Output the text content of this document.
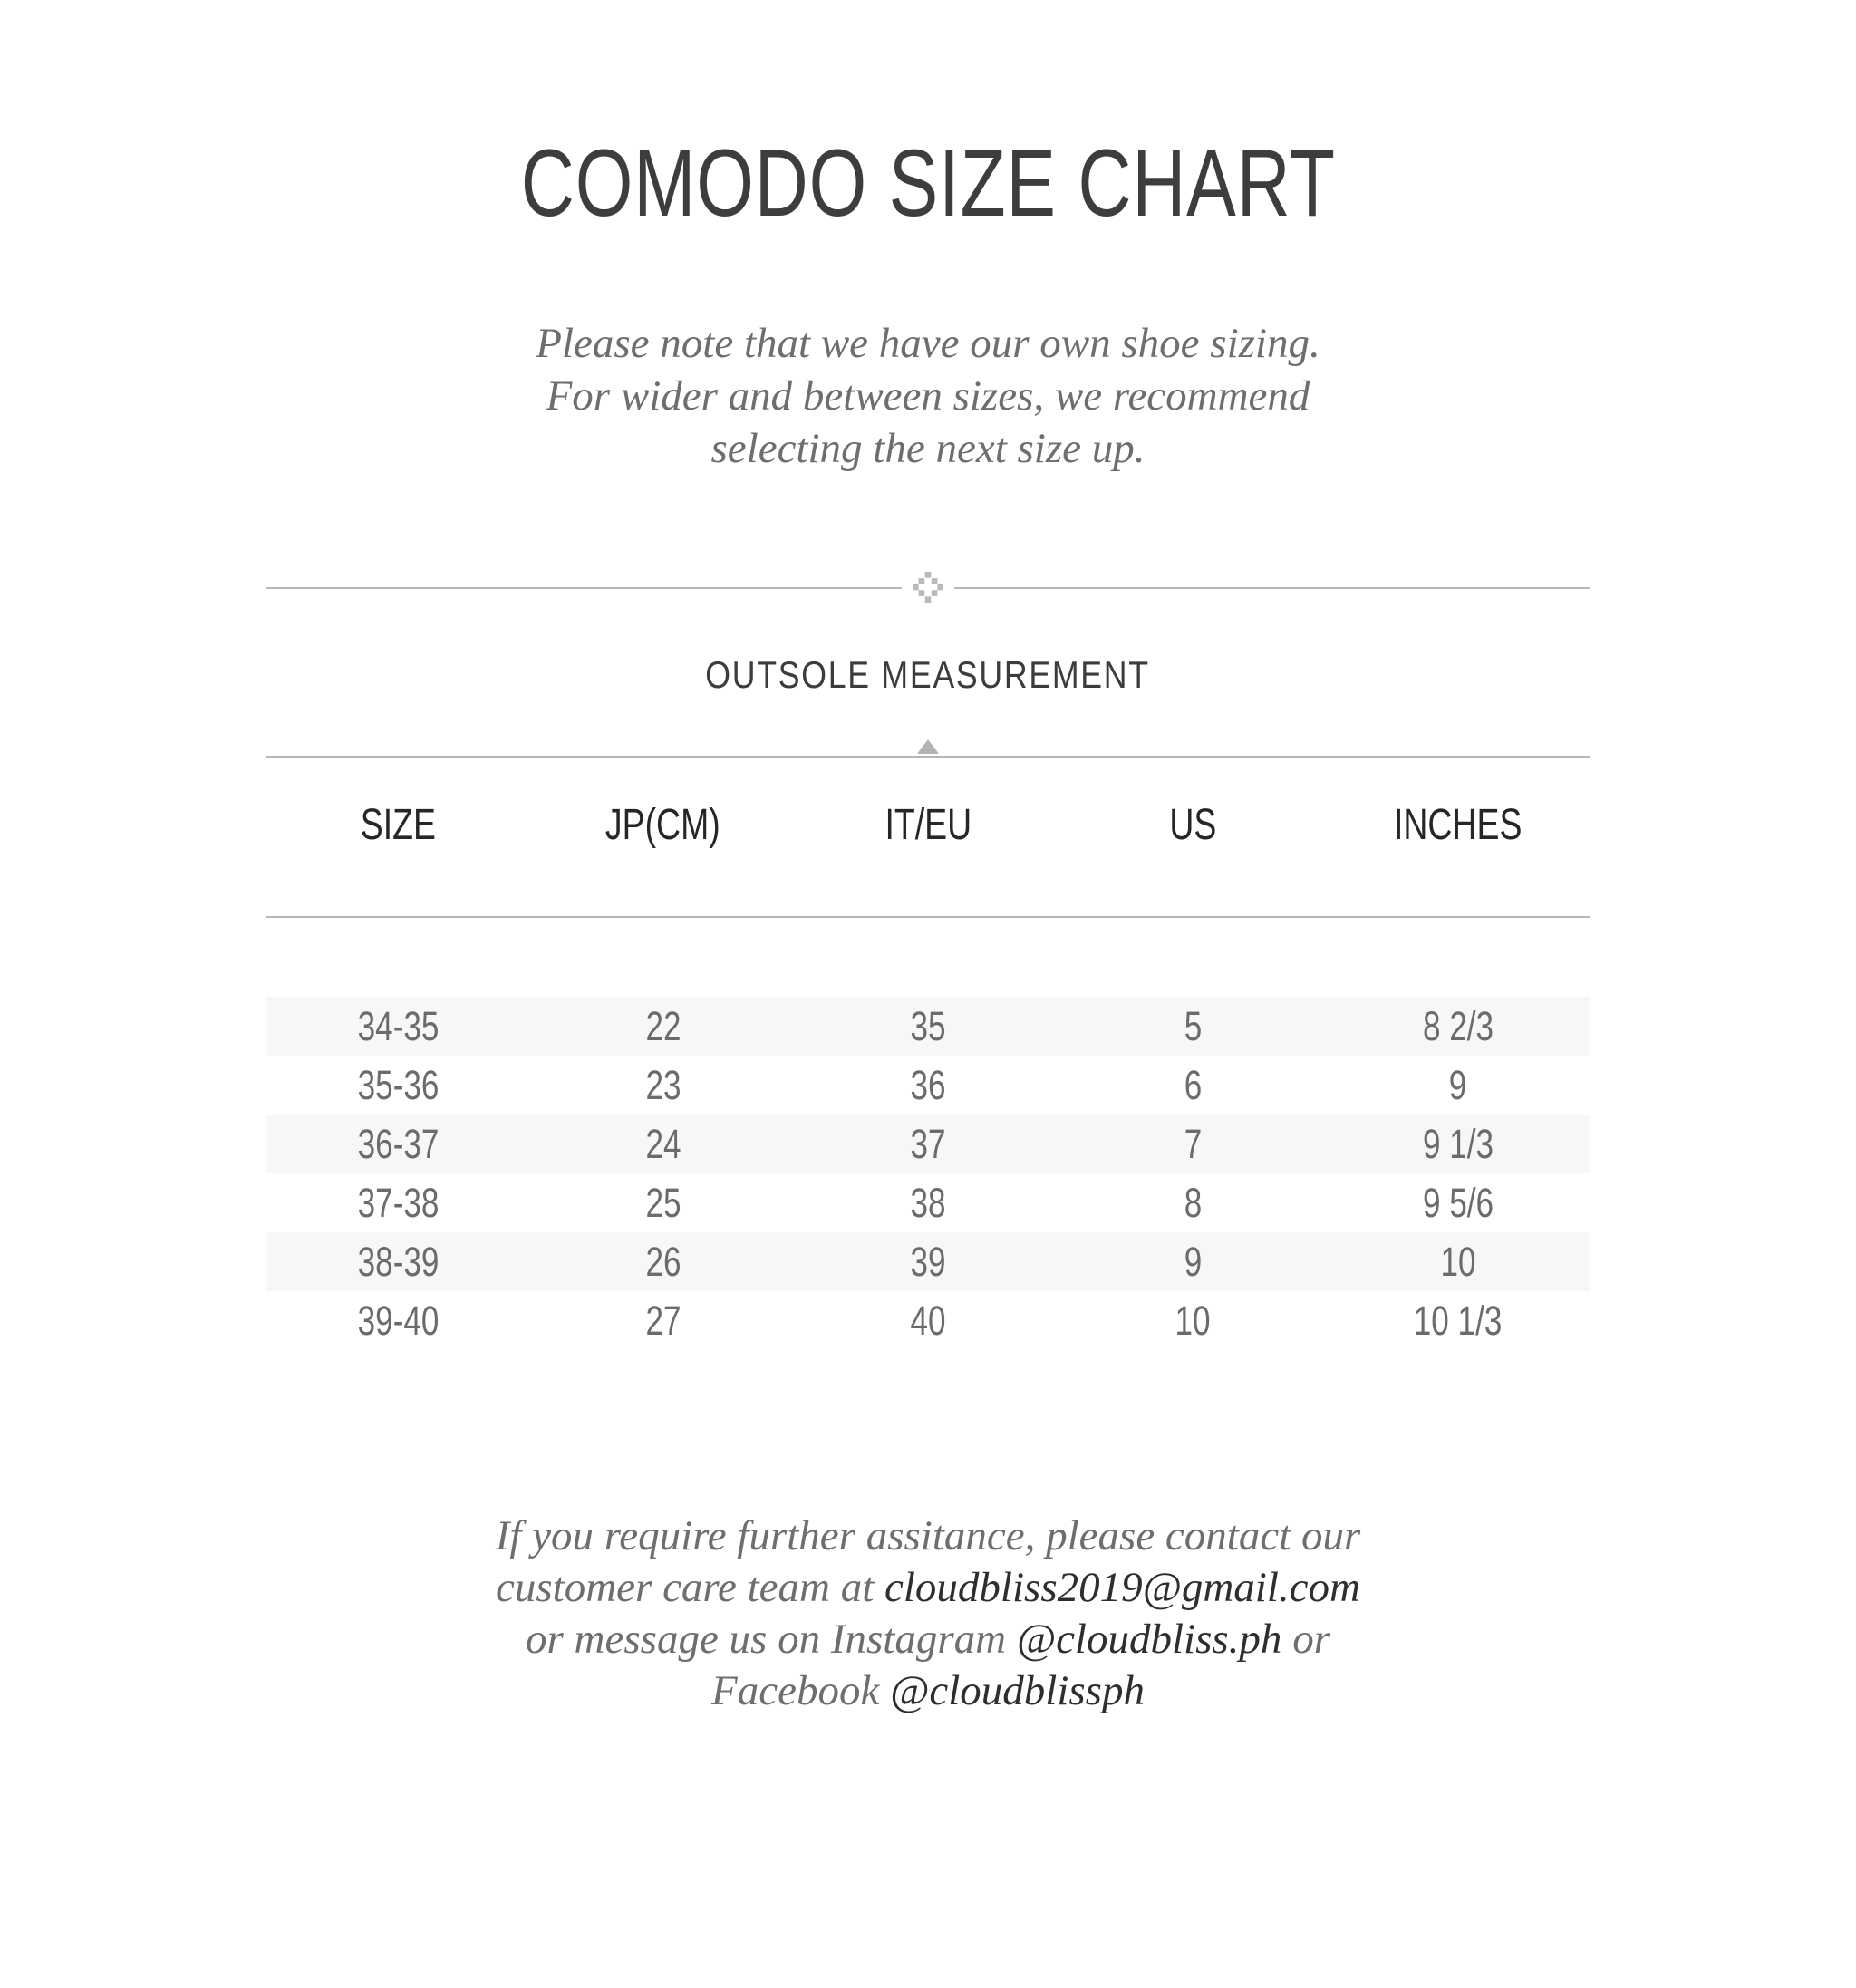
COMODO SIZE CHART
Please note that we have our own shoe sizing.
For wider and between sizes, we recommend
selecting the next size up.
OUTSOLE MEASUREMENT
SIZE	JP(CM)	IT/EU	US	INCHES
34-35	22	35	5	8 2/3
35-36	23	36	6	9
36-37	24	37	7	9 1/3
37-38	25	38	8	9 5/6
38-39	26	39	9	10
39-40	27	40	10	10 1/3
If you require further assitance, please contact our
customer care team at cloudbliss2019@gmail.com
or message us on Instagram @cloudbliss.ph or
Facebook @cloudblissph
